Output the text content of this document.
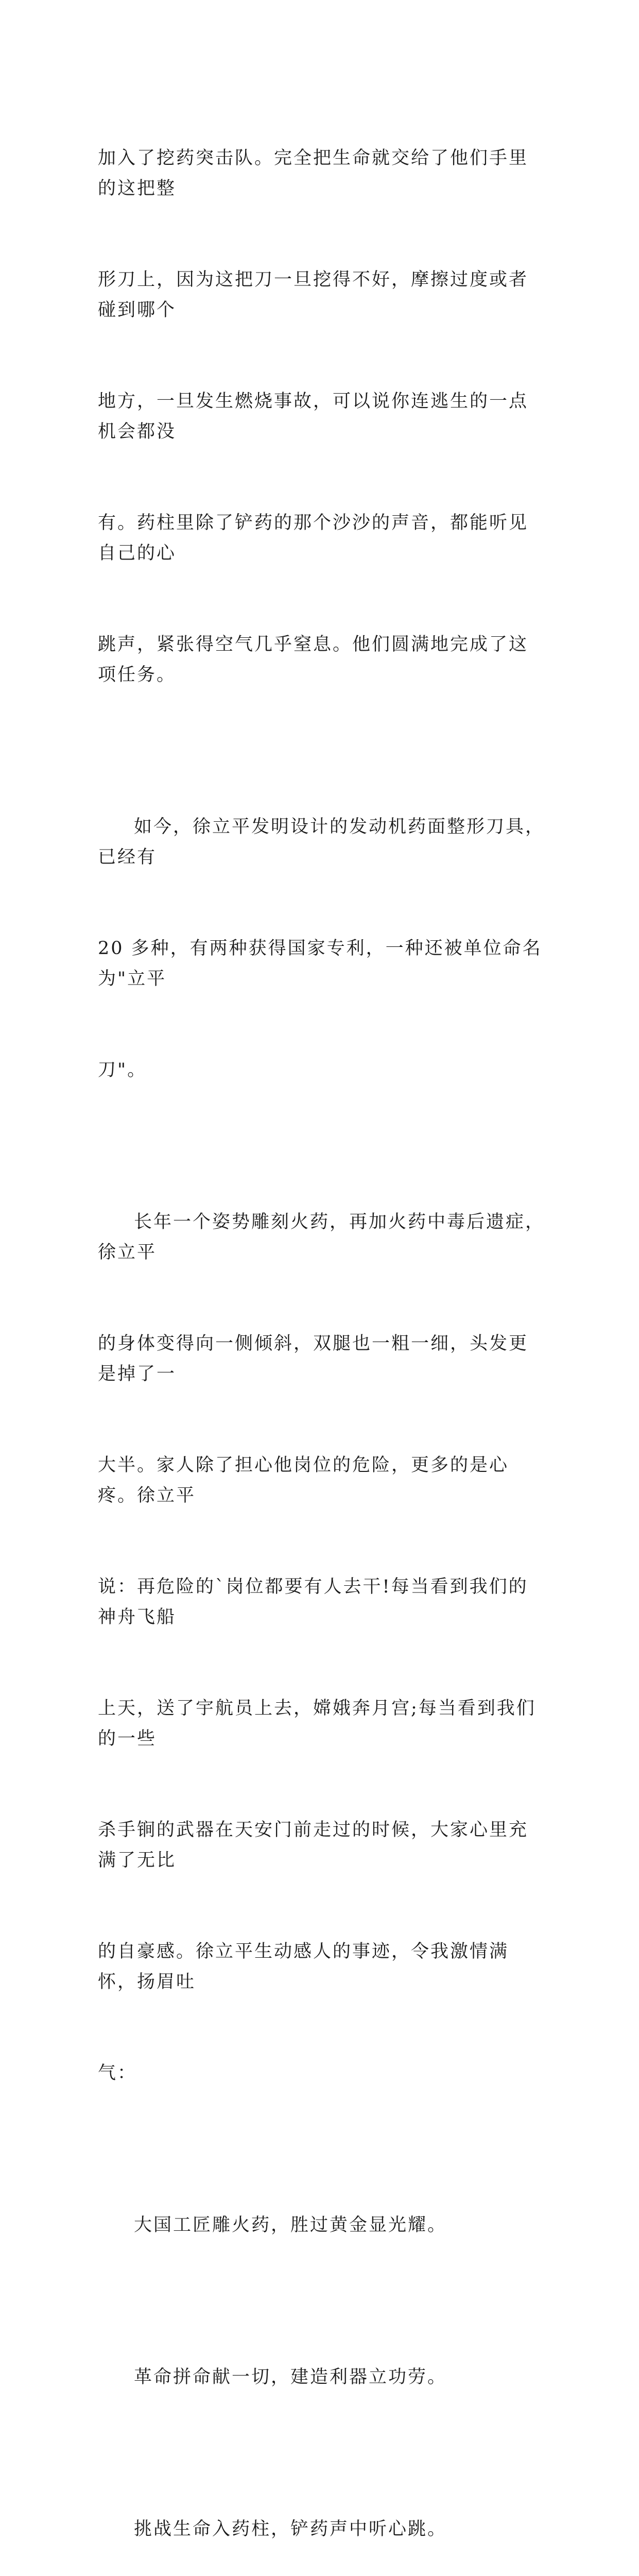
加入了挖药突击队。完全把生命就交给了他们手里的这把整

形刀上，因为这把刀一旦挖得不好，摩擦过度或者碰到哪个

地方，一旦发生燃烧事故，可以说你连逃生的一点机会都没

有。药柱里除了铲药的那个沙沙的声音，都能听见自己的心

跳声，紧张得空气几乎窒息。他们圆满地完成了这项任务。

如今，徐立平发明设计的发动机药面整形刀具，已经有

20 多种，有两种获得国家专利，一种还被单位命名为"立平

刀"。

长年一个姿势雕刻火药，再加火药中毒后遗症，徐立平

的身体变得向一侧倾斜，双腿也一粗一细，头发更是掉了一

大半。家人除了担心他岗位的危险，更多的是心疼。徐立平

说：再危险的`岗位都要有人去干!每当看到我们的神舟飞船

上天，送了宇航员上去，嫦娥奔月宫;每当看到我们的一些

杀手锏的武器在天安门前走过的时候，大家心里充满了无比

的自豪感。徐立平生动感人的事迹，令我激情满怀，扬眉吐

气：

大国工匠雕火药，胜过黄金显光耀。

革命拼命献一切，建造利器立功劳。

挑战生命入药柱，铲药声中听心跳。
